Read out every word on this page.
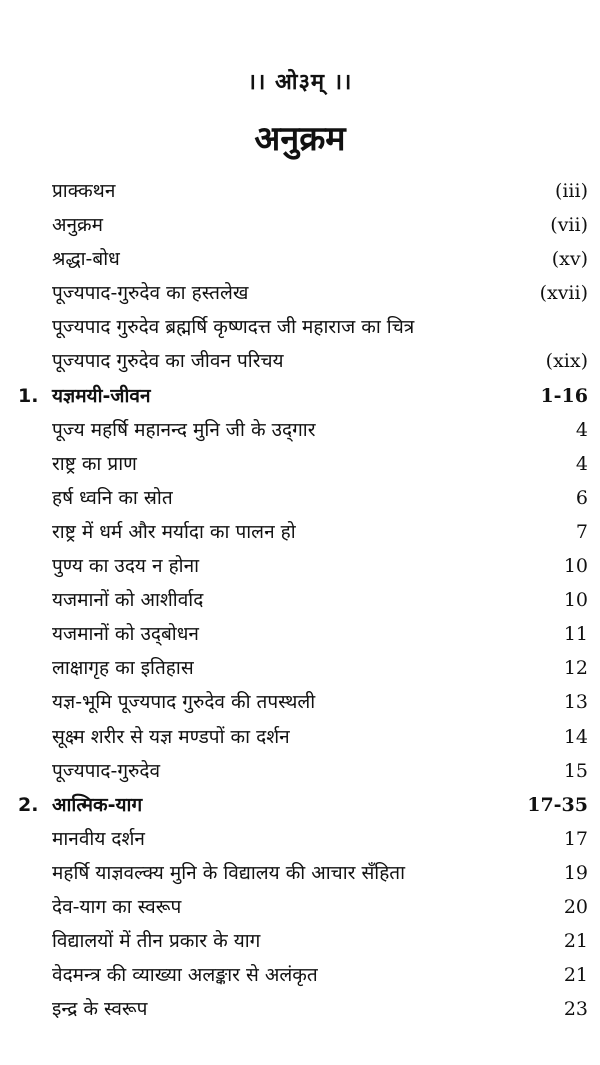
।। ओ३म् ।।
अनुक्रम
प्राक्कथन	(iii)
अनुक्रम	(vii)
श्रद्धा-बोध	(xv)
पूज्यपाद-गुरुदेव का हस्तलेख	(xvii)
पूज्यपाद गुरुदेव ब्रह्मर्षि कृष्णदत्त जी महाराज का चित्र
पूज्यपाद गुरुदेव का जीवन परिचय	(xix)
1. यज्ञमयी-जीवन	1-16
पूज्य महर्षि महानन्द मुनि जी के उद्‌गार	4
राष्ट्र का प्राण	4
हर्ष ध्वनि का स्रोत	6
राष्ट्र में धर्म और मर्यादा का पालन हो	7
पुण्य का उदय न होना	10
यजमानों को आशीर्वाद	10
यजमानों को उद्‌बोधन	11
लाक्षागृह का इतिहास	12
यज्ञ-भूमि पूज्यपाद गुरुदेव की तपस्थली	13
सूक्ष्म शरीर से यज्ञ मण्डपों का दर्शन	14
पूज्यपाद-गुरुदेव	15
2. आत्मिक-याग	17-35
मानवीय दर्शन	17
महर्षि याज्ञवल्क्य मुनि के विद्यालय की आचार सँहिता	19
देव-याग का स्वरूप	20
विद्यालयों में तीन प्रकार के याग	21
वेदमन्त्र की व्याख्या अलङ्कार से अलंकृत	21
इन्द्र के स्वरूप	23
